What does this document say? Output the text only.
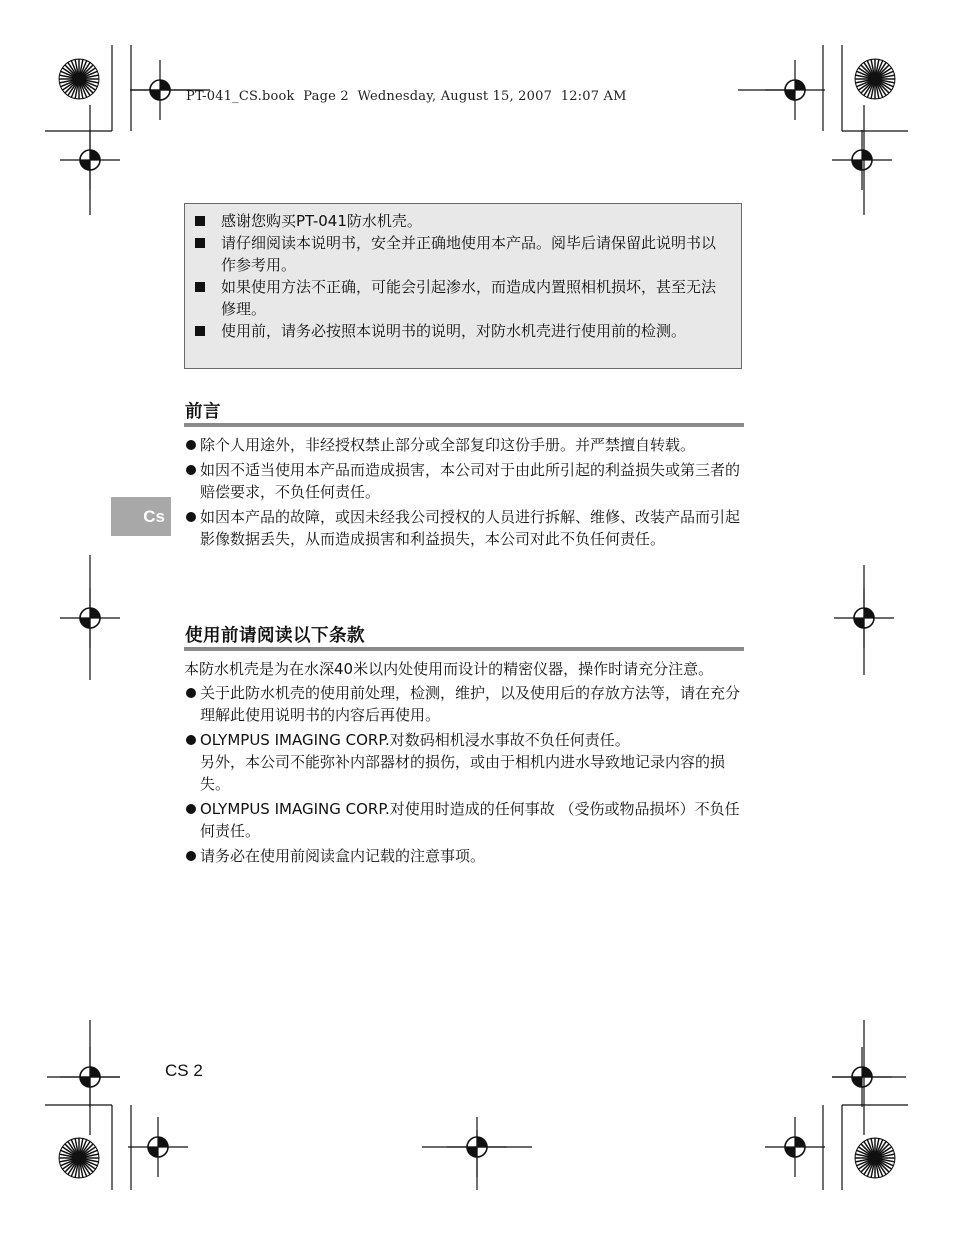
PT-041_CS.book  Page 2  Wednesday, August 15, 2007  12:07 AM
感谢您购买PT-041防水机壳。
请仔细阅读本说明书，安全并正确地使用本产品。阅毕后请保留此说明书以作参考用。
如果使用方法不正确，可能会引起渗水，而造成内置照相机损坏，甚至无法修理。
使用前，请务必按照本说明书的说明，对防水机壳进行使用前的检测。
前言
除个人用途外，非经授权禁止部分或全部复印这份手册。并严禁擅自转载。
如因不适当使用本产品而造成损害，本公司对于由此所引起的利益损失或第三者的赔偿要求，不负任何责任。
如因本产品的故障，或因未经我公司授权的人员进行拆解、维修、改装产品而引起影像数据丢失，从而造成损害和利益损失，本公司对此不负任何责任。
Cs
使用前请阅读以下条款
本防水机壳是为在水深40米以内处使用而设计的精密仪器，操作时请充分注意。
关于此防水机壳的使用前处理，检测，维护，以及使用后的存放方法等，请在充分理解此使用说明书的内容后再使用。
OLYMPUS IMAGING CORP.对数码相机浸水事故不负任何责任。
另外，本公司不能弥补内部器材的损伤，或由于相机内进水导致地记录内容的损失。
OLYMPUS IMAGING CORP.对使用时造成的任何事故 （受伤或物品损坏）不负任何责任。
请务必在使用前阅读盒内记载的注意事项。
CS 2
